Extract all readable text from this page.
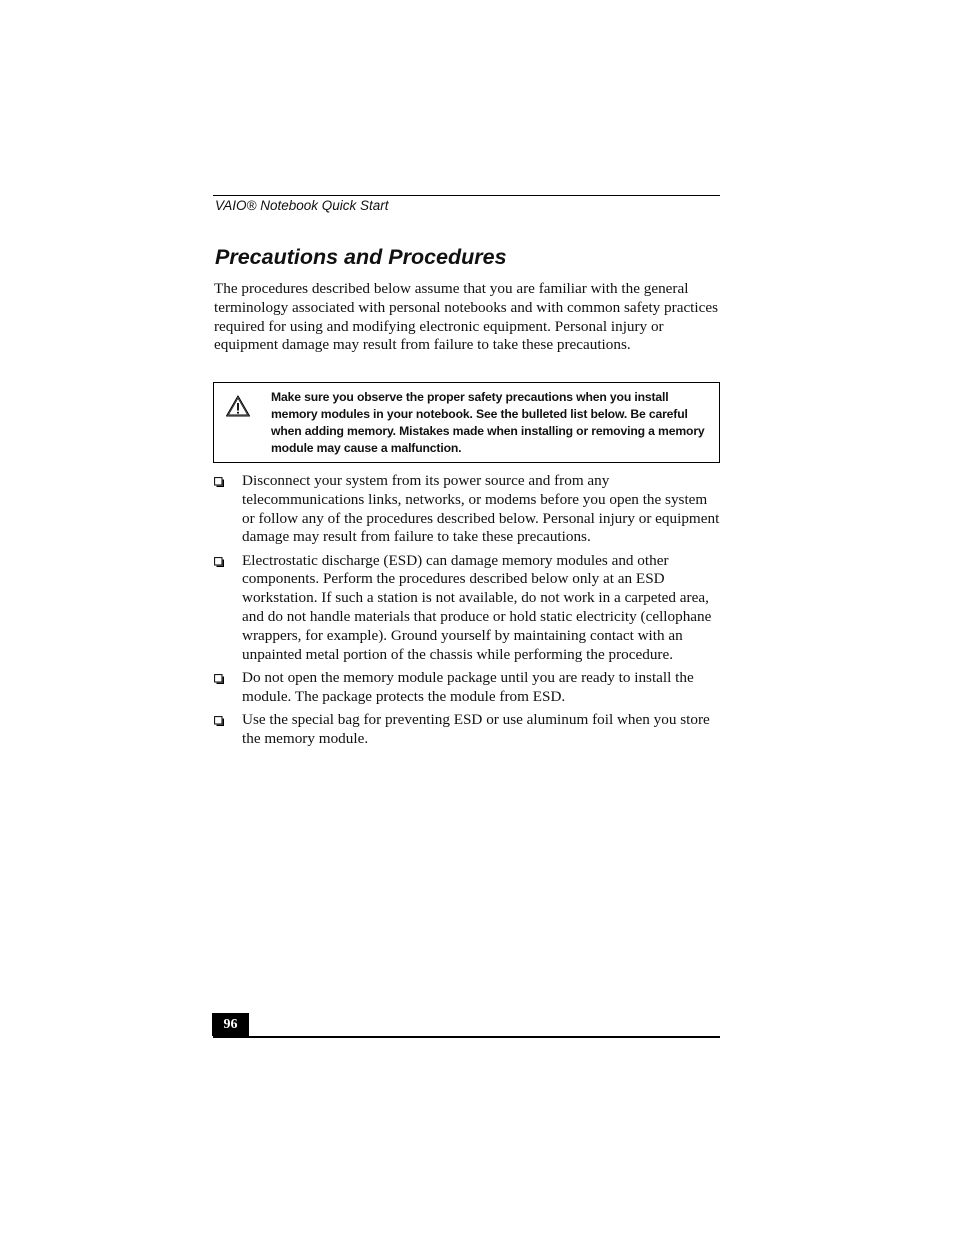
VAIO® Notebook Quick Start
Precautions and Procedures

The procedures described below assume that you are familiar with the general terminology associated with personal notebooks and with common safety practices required for using and modifying electronic equipment. Personal injury or equipment damage may result from failure to take these precautions.

Make sure you observe the proper safety precautions when you install memory modules in your notebook. See the bulleted list below. Be careful when adding memory. Mistakes made when installing or removing a memory module may cause a malfunction.

Disconnect your system from its power source and from any telecommunications links, networks, or modems before you open the system or follow any of the procedures described below. Personal injury or equipment damage may result from failure to take these precautions.
Electrostatic discharge (ESD) can damage memory modules and other components. Perform the procedures described below only at an ESD workstation. If such a station is not available, do not work in a carpeted area, and do not handle materials that produce or hold static electricity (cellophane wrappers, for example). Ground yourself by maintaining contact with an unpainted metal portion of the chassis while performing the procedure.
Do not open the memory module package until you are ready to install the module. The package protects the module from ESD.
Use the special bag for preventing ESD or use aluminum foil when you store the memory module.
96
